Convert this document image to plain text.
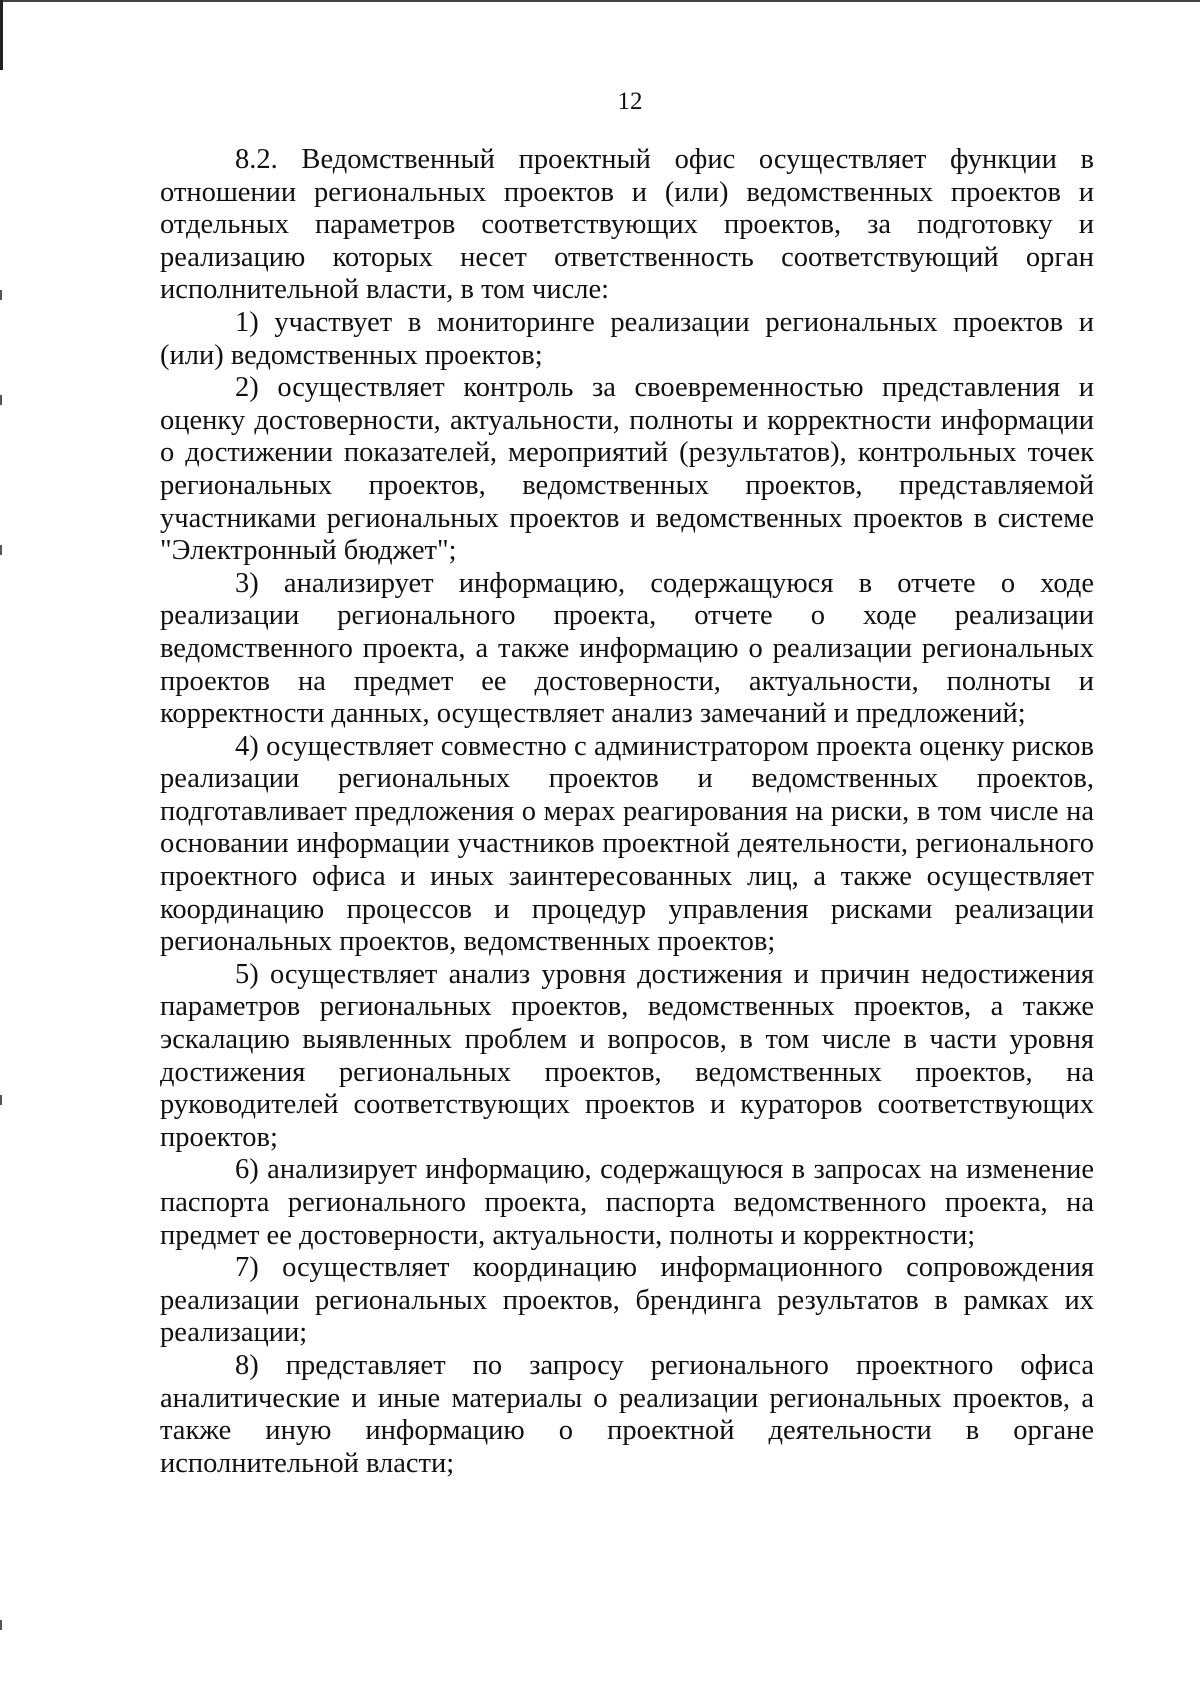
12

8.2. Ведомственный проектный офис осуществляет функции в отношении региональных проектов и (или) ведомственных проектов и отдельных параметров соответствующих проектов, за подготовку и реализацию которых несет ответственность соответствующий орган исполнительной власти, в том числе:

1) участвует в мониторинге реализации региональных проектов и (или) ведомственных проектов;

2) осуществляет контроль за своевременностью представления и оценку достоверности, актуальности, полноты и корректности информации о достижении показателей, мероприятий (результатов), контрольных точек региональных проектов, ведомственных проектов, представляемой участниками региональных проектов и ведомственных проектов в системе "Электронный бюджет";

3) анализирует информацию, содержащуюся в отчете о ходе реализации регионального проекта, отчете о ходе реализации ведомственного проекта, а также информацию о реализации региональных проектов на предмет ее достоверности, актуальности, полноты и корректности данных, осуществляет анализ замечаний и предложений;

4) осуществляет совместно с администратором проекта оценку рисков реализации региональных проектов и ведомственных проектов, подготавливает предложения о мерах реагирования на риски, в том числе на основании информации участников проектной деятельности, регионального проектного офиса и иных заинтересованных лиц, а также осуществляет координацию процессов и процедур управления рисками реализации региональных проектов, ведомственных проектов;

5) осуществляет анализ уровня достижения и причин недостижения параметров региональных проектов, ведомственных проектов, а также эскалацию выявленных проблем и вопросов, в том числе в части уровня достижения региональных проектов, ведомственных проектов, на руководителей соответствующих проектов и кураторов соответствующих проектов;

6) анализирует информацию, содержащуюся в запросах на изменение паспорта регионального проекта, паспорта ведомственного проекта, на предмет ее достоверности, актуальности, полноты и корректности;

7) осуществляет координацию информационного сопровождения реализации региональных проектов, брендинга результатов в рамках их реализации;

8) представляет по запросу регионального проектного офиса аналитические и иные материалы о реализации региональных проектов, а также иную информацию о проектной деятельности в органе исполнительной власти;
